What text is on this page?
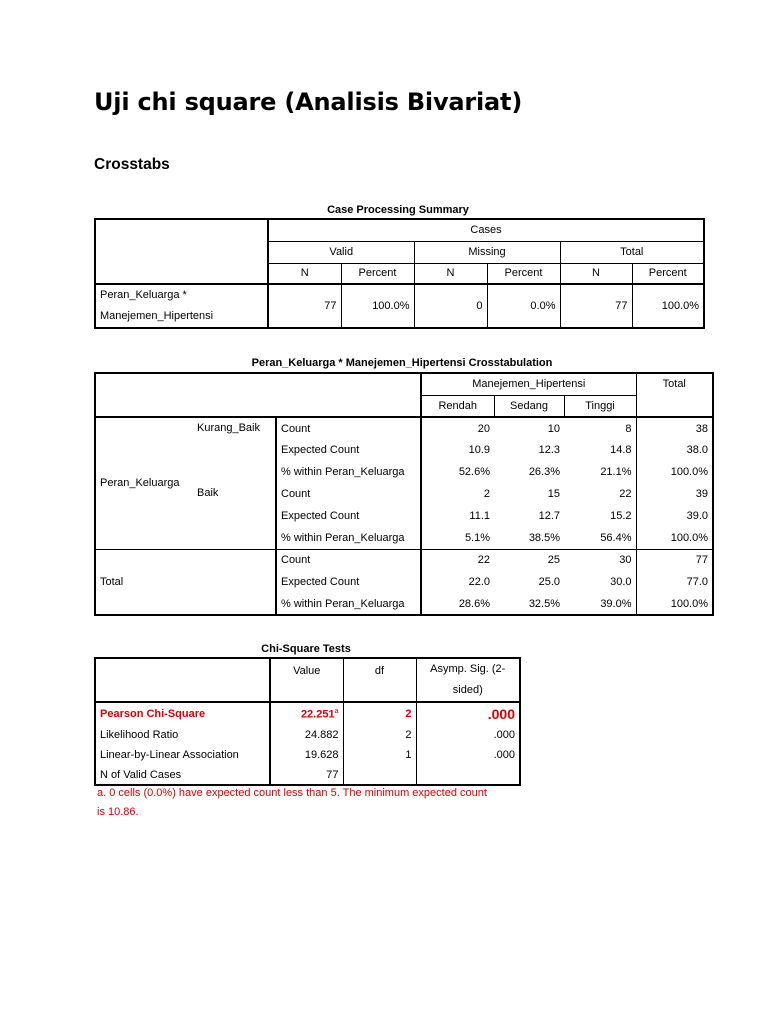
Uji chi square (Analisis Bivariat)
Crosstabs
Case Processing Summary
	Cases					
	Valid		Missing		Total	
	N	Percent	N	Percent	N	Percent

Peran_Keluarga *
Manejemen_Hipertensi	77	100.0%	0	0.0%	77	100.0%
Peran_Keluarga * Manejemen_Hipertensi Crosstabulation
			Manejemen_Hipertensi			Total
			Rendah	Sedang	Tinggi	
Peran_Keluarga	Kurang_Baik	Count	20	10	8	38
		Expected Count	10.9	12.3	14.8	38.0
		% within Peran_Keluarga	52.6%	26.3%	21.1%	100.0%
	Baik	Count	2	15	22	39
		Expected Count	11.1	12.7	15.2	39.0
		% within Peran_Keluarga	5.1%	38.5%	56.4%	100.0%
Total		Count	22	25	30	77
		Expected Count	22.0	25.0	30.0	77.0
		% within Peran_Keluarga	28.6%	32.5%	39.0%	100.0%
Chi-Square Tests
	Value	df	Asymp. Sig. (2-
sided)

Pearson Chi-Square	22.251$^a$	2	.000
Likelihood Ratio	24.882	2	.000
Linear-by-Linear Association	19.628	1	.000
N of Valid Cases	77		
a. 0 cells (0.0%) have expected count less than 5. The minimum expected count
is 10.86.
